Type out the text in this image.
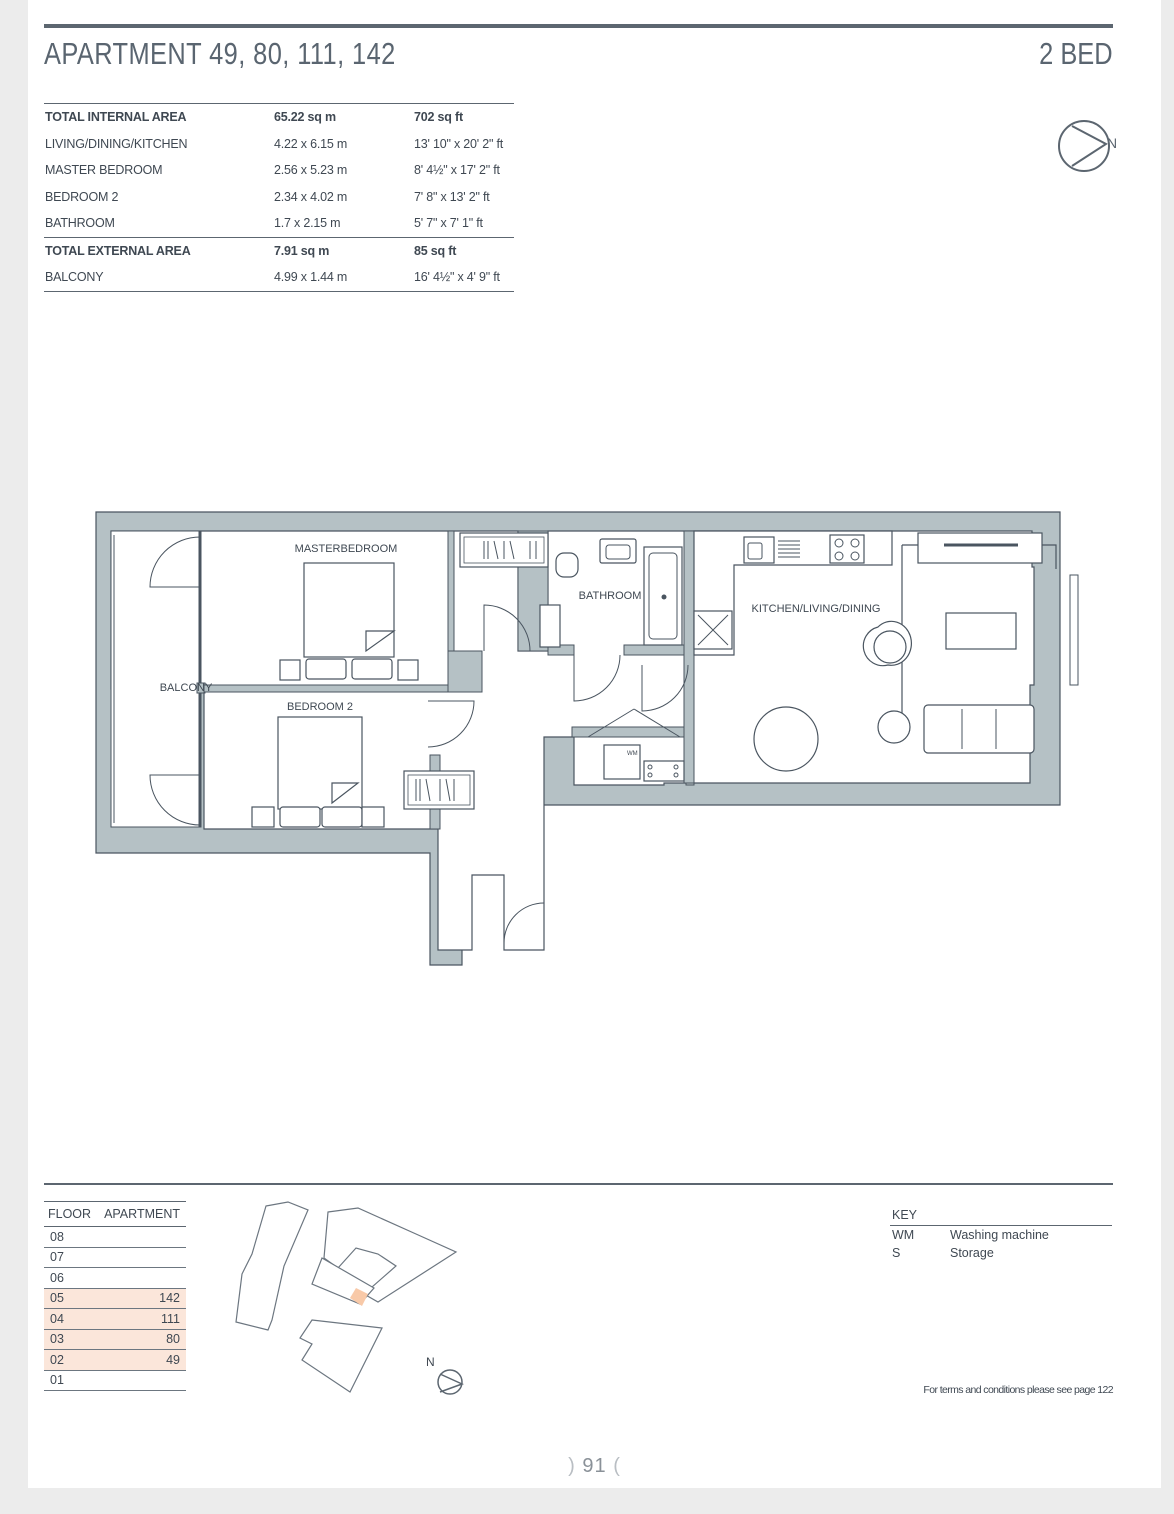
APARTMENT 49, 80, 111, 142	2 BED
N
TOTAL INTERNAL AREA	65.22 sq m	702 sq ft
LIVING/DINING/KITCHEN	4.22 x 6.15 m	13' 10" x 20' 2" ft
MASTER BEDROOM	2.56 x 5.23 m	8' 4½" x 17' 2" ft
BEDROOM 2	2.34 x 4.02 m	7' 8" x 13' 2" ft
BATHROOM	1.7 x 2.15 m	5' 7" x 7' 1" ft
TOTAL EXTERNAL AREA	7.91 sq m	85 sq ft
BALCONY	4.99 x 1.44 m	16' 4½" x 4' 9" ft
WM
MASTERBEDROOM
BATHROOM
KITCHEN/LIVING/DINING
BALCONY
BEDROOM 2
FLOOR	APARTMENT
08	
07	
06	
05	142
04	111
03	80
02	49
01	
N
KEY
WM	Washing machine
S	Storage
For terms and conditions please see page 122
) 91 (
